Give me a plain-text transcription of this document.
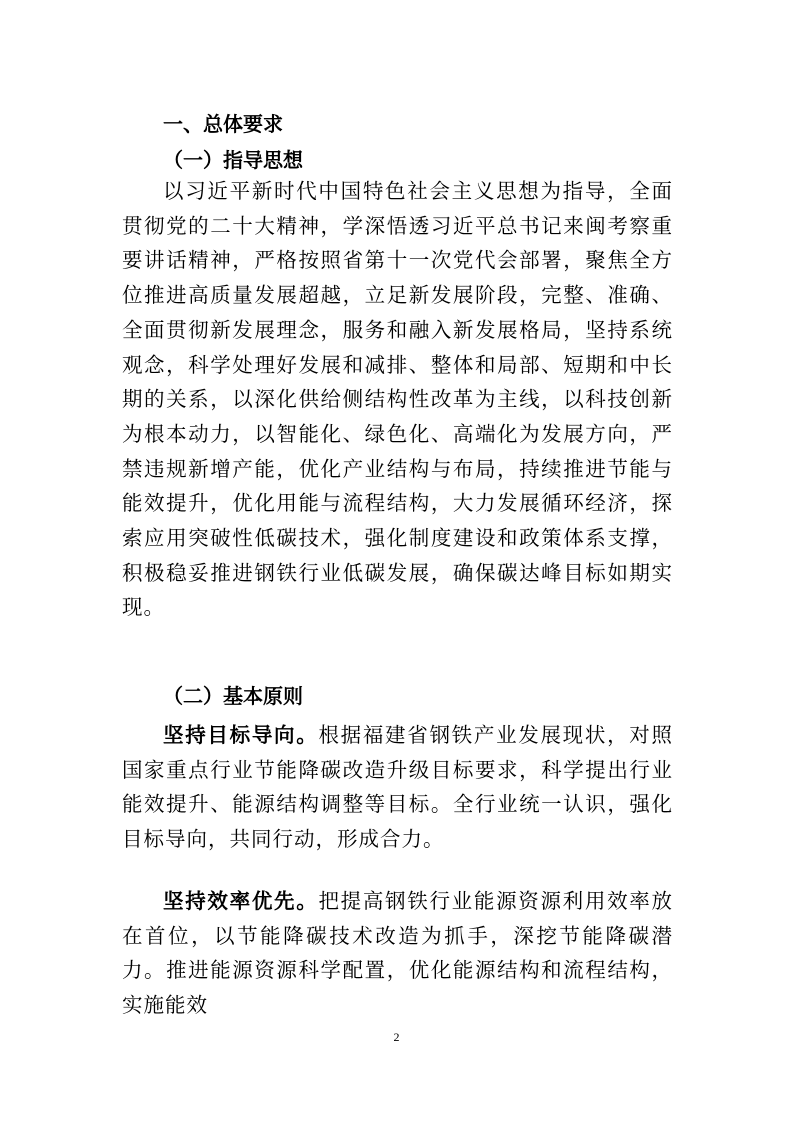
一、总体要求
（一）指导思想
以习近平新时代中国特色社会主义思想为指导，全面贯彻党的二十大精神，学深悟透习近平总书记来闽考察重要讲话精神，严格按照省第十一次党代会部署，聚焦全方位推进高质量发展超越，立足新发展阶段，完整、准确、全面贯彻新发展理念，服务和融入新发展格局，坚持系统观念，科学处理好发展和减排、整体和局部、短期和中长期的关系，以深化供给侧结构性改革为主线，以科技创新为根本动力，以智能化、绿色化、高端化为发展方向，严禁违规新增产能，优化产业结构与布局，持续推进节能与能效提升，优化用能与流程结构，大力发展循环经济，探索应用突破性低碳技术，强化制度建设和政策体系支撑，积极稳妥推进钢铁行业低碳发展，确保碳达峰目标如期实现。
（二）基本原则
坚持目标导向。根据福建省钢铁产业发展现状，对照国家重点行业节能降碳改造升级目标要求，科学提出行业能效提升、能源结构调整等目标。全行业统一认识，强化目标导向，共同行动，形成合力。
坚持效率优先。把提高钢铁行业能源资源利用效率放在首位，以节能降碳技术改造为抓手，深挖节能降碳潜力。推进能源资源科学配置，优化能源结构和流程结构，实施能效
2
